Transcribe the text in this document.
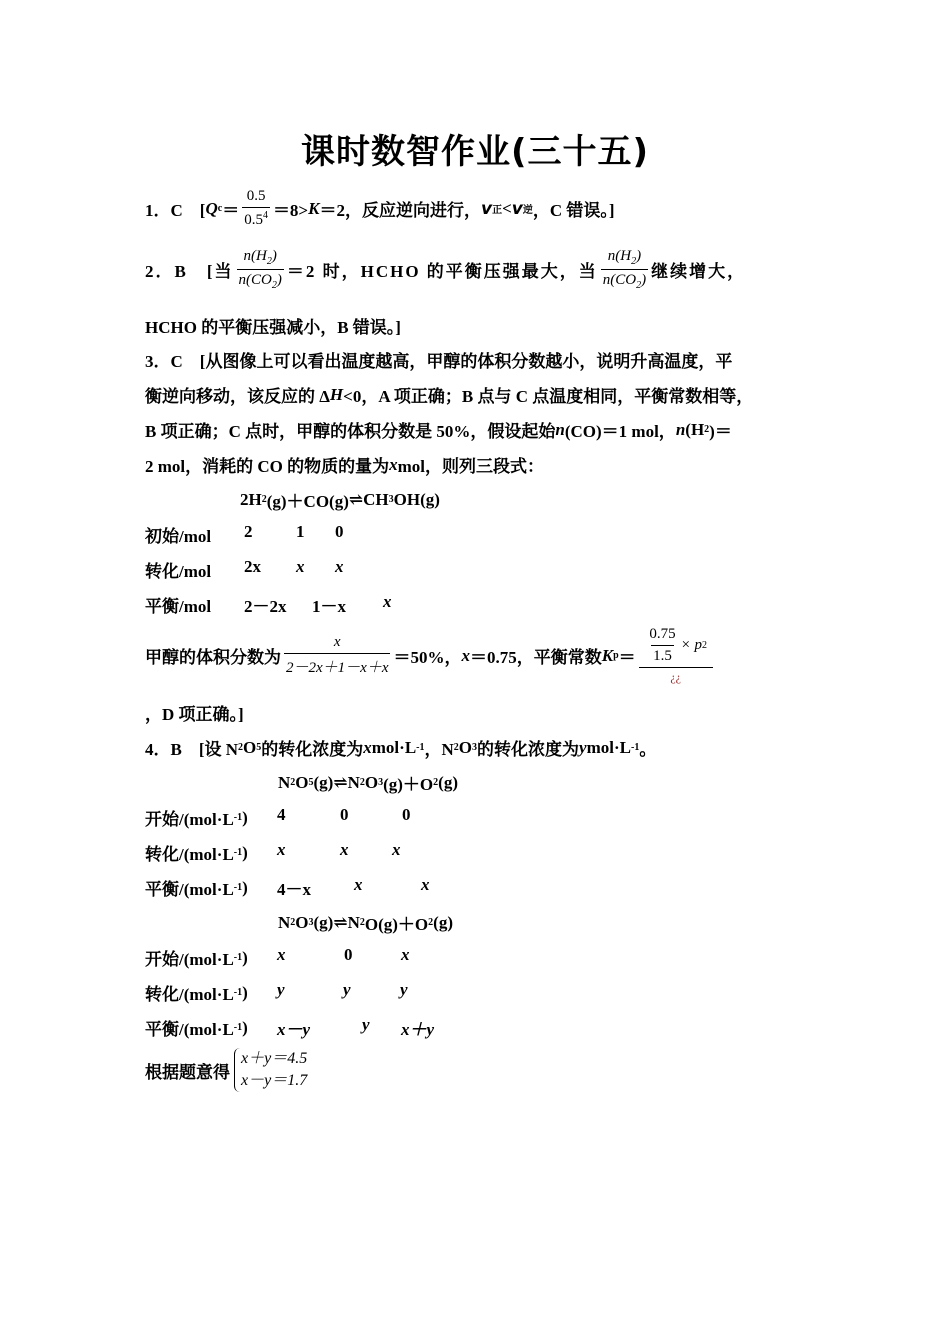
课时数智作业(三十五)
1．C　[ Q $c = \frac{0.5}{0.5^4} =8> K =2$，反应逆向进行， v 正 < v 逆 ，C 错误。]
2．B　[当 $\frac{n(H_2)}{n(CO_2)} =2$ 时，HCHO 的平衡压强最大，当 $\frac{n(H_2)}{n(CO_2)}$ 继续增大，
HCHO 的平衡压强减小，B 错误。]
3．C　[从图像上可以看出温度越高，甲醇的体积分数越小，说明升高温度，平
衡逆向移动，该反应的 Δ H <0，A 项正确；B 点与 C 点温度相同，平衡常数相等，
B 项正确；C 点时，甲醇的体积分数是 50%，假设起始 n (CO)＝1 mol， n (H 2 )＝
2 mol，消耗的 CO 的物质的量为 x mol，则列三段式：
2H 2 (g)＋CO(g) ⇌ CH 3 OH(g)
初始/mol 2	1 0
转化/mol 2x x x
平衡/mol 2－2x 1－x x
甲醇的体积分数为 $\frac{x}{2-2x+1-x+x} =50\%$， x ＝0.75，平衡常数 K $p = \frac{\frac{0.75}{1.5} \times p 2}{¿¿}$
，D 项正确。]
4．B　[设 N 2 O 5 的转化浓度为 x mol·L -1 ，N 2 O 3 的转化浓度为 y mol·L -1 。
N 2 O 5 (g) ⇌ N 2 O 3 (g)＋O 2 (g)
开始/(mol·L -1 ) 4	0	0
转化/(mol·L -1 ) x	x	x
平衡/(mol·L -1 ) 4－x	x	x
N 2 O 3 (g) ⇌ N 2 O(g)＋O 2 (g)
开始/(mol·L -1 ) x	0	x
转化/(mol·L -1 ) y	y	y
平衡/(mol·L -1 ) x－y	y x＋y
根据题意得
x＋y＝4.5
x－y＝1.7
